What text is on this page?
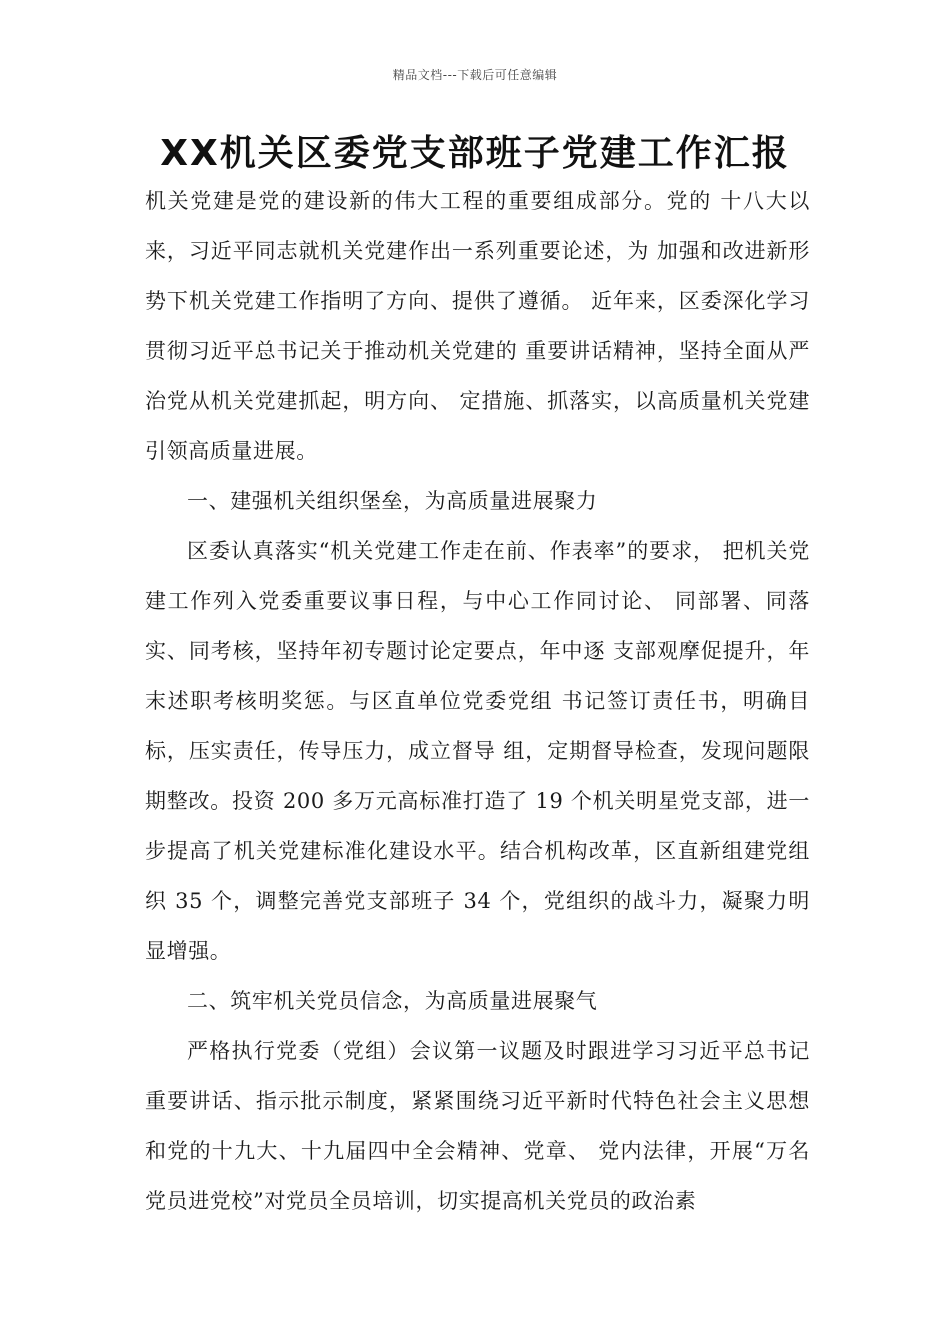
精品文档---下载后可任意编辑
XX机关区委党支部班子党建工作汇报

机关党建是党的建设新的伟大工程的重要组成部分。党的 十八大以来，习近平同志就机关党建作出一系列重要论述，为 加强和改进新形势下机关党建工作指明了方向、提供了遵循。 近年来，区委深化学习贯彻习近平总书记关于推动机关党建的 重要讲话精神，坚持全面从严治党从机关党建抓起，明方向、 定措施、抓落实，以高质量机关党建引领高质量进展。

一、建强机关组织堡垒，为高质量进展聚力

区委认真落实“机关党建工作走在前、作表率”的要求， 把机关党建工作列入党委重要议事日程，与中心工作同讨论、 同部署、同落实、同考核，坚持年初专题讨论定要点，年中逐 支部观摩促提升，年末述职考核明奖惩。与区直单位党委党组 书记签订责任书，明确目标，压实责任，传导压力，成立督导 组，定期督导检查，发现问题限期整改。投资 200 多万元高标准打造了 19 个机关明星党支部，进一步提高了机关党建标准化建设水平。结合机构改革，区直新组建党组织 35 个，调整完善党支部班子 34 个，党组织的战斗力，凝聚力明显增强。

二、筑牢机关党员信念，为高质量进展聚气

严格执行党委（党组）会议第一议题及时跟进学习习近平总书记重要讲话、指示批示制度，紧紧围绕习近平新时代特色社会主义思想和党的十九大、十九届四中全会精神、党章、 党内法律，开展“万名党员进党校”对党员全员培训，切实提高机关党员的政治素
